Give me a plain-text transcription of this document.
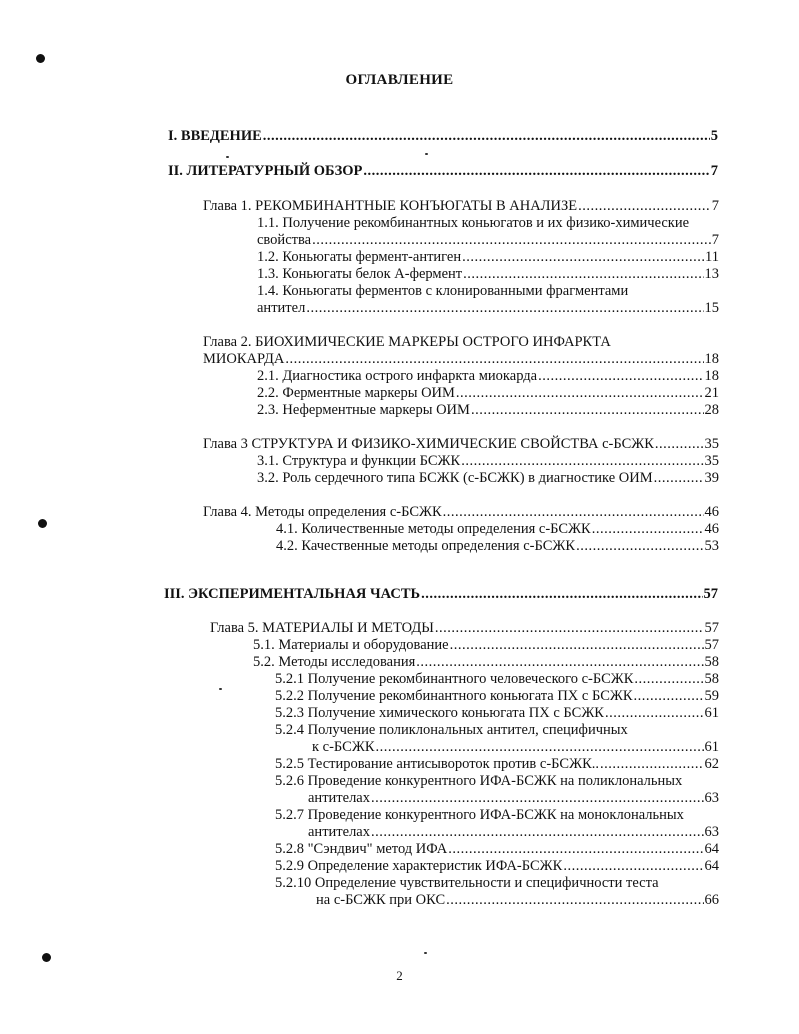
ОГЛАВЛЕНИЕ
I. ВВЕДЕНИЕ .....	5
II. ЛИТЕРАТУРНЫЙ ОБЗОР .....	7
Глава 1. РЕКОМБИНАНТНЫЕ КОНЪЮГАТЫ В АНАЛИЗЕ .....	7
1.1. Получение рекомбинантных коньюгатов и их физико-химические
свойства .....	7
1.2. Коньюгаты фермент-антиген .....	11
1.3. Коньюгаты белок А-фермент .....	13
1.4. Коньюгаты ферментов с клонированными фрагментами
антител .....	15
Глава 2. БИОХИМИЧЕСКИЕ МАРКЕРЫ ОСТРОГО ИНФАРКТА
МИОКАРДА .....	18
2.1. Диагностика острого инфаркта миокарда .....	18
2.2. Ферментные маркеры ОИМ .....	21
2.3. Неферментные маркеры ОИМ .....	28
Глава 3 СТРУКТУРА И ФИЗИКО-ХИМИЧЕСКИЕ СВОЙСТВА с-БСЖК .....	35
3.1. Структура и функции БСЖК .....	35
3.2. Роль сердечного типа БСЖК (с-БСЖК) в диагностике ОИМ .....	39
Глава 4. Методы определения с-БСЖК .....	46
4.1. Количественные методы определения с-БСЖК .....	46
4.2. Качественные методы определения с-БСЖК .....	53
III. ЭКСПЕРИМЕНТАЛЬНАЯ ЧАСТЬ .....	57
Глава 5. МАТЕРИАЛЫ И МЕТОДЫ .....	57
5.1. Материалы и оборудование .....	57
5.2. Методы исследования .....	58
5.2.1 Получение рекомбинантного человеческого с-БСЖК .....	58
5.2.2 Получение рекомбинантного коньюгата ПХ с БСЖК .....	59
5.2.3 Получение химического коньюгата ПХ с БСЖК .....	61
5.2.4 Получение поликлональных антител, специфичных
к с-БСЖК .....	61
5.2.5 Тестирование антисывороток против с-БСЖК.. .....	62
5.2.6 Проведение конкурентного ИФА-БСЖК на поликлональных
антителах .....	63
5.2.7 Проведение конкурентного ИФА-БСЖК на моноклональных
антителах .....	63
5.2.8 "Сэндвич" метод ИФА .....	64
5.2.9 Определение характеристик ИФА-БСЖК .....	64
5.2.10 Определение чувствительности и специфичности теста
на с-БСЖК при ОКС .....	66
2
